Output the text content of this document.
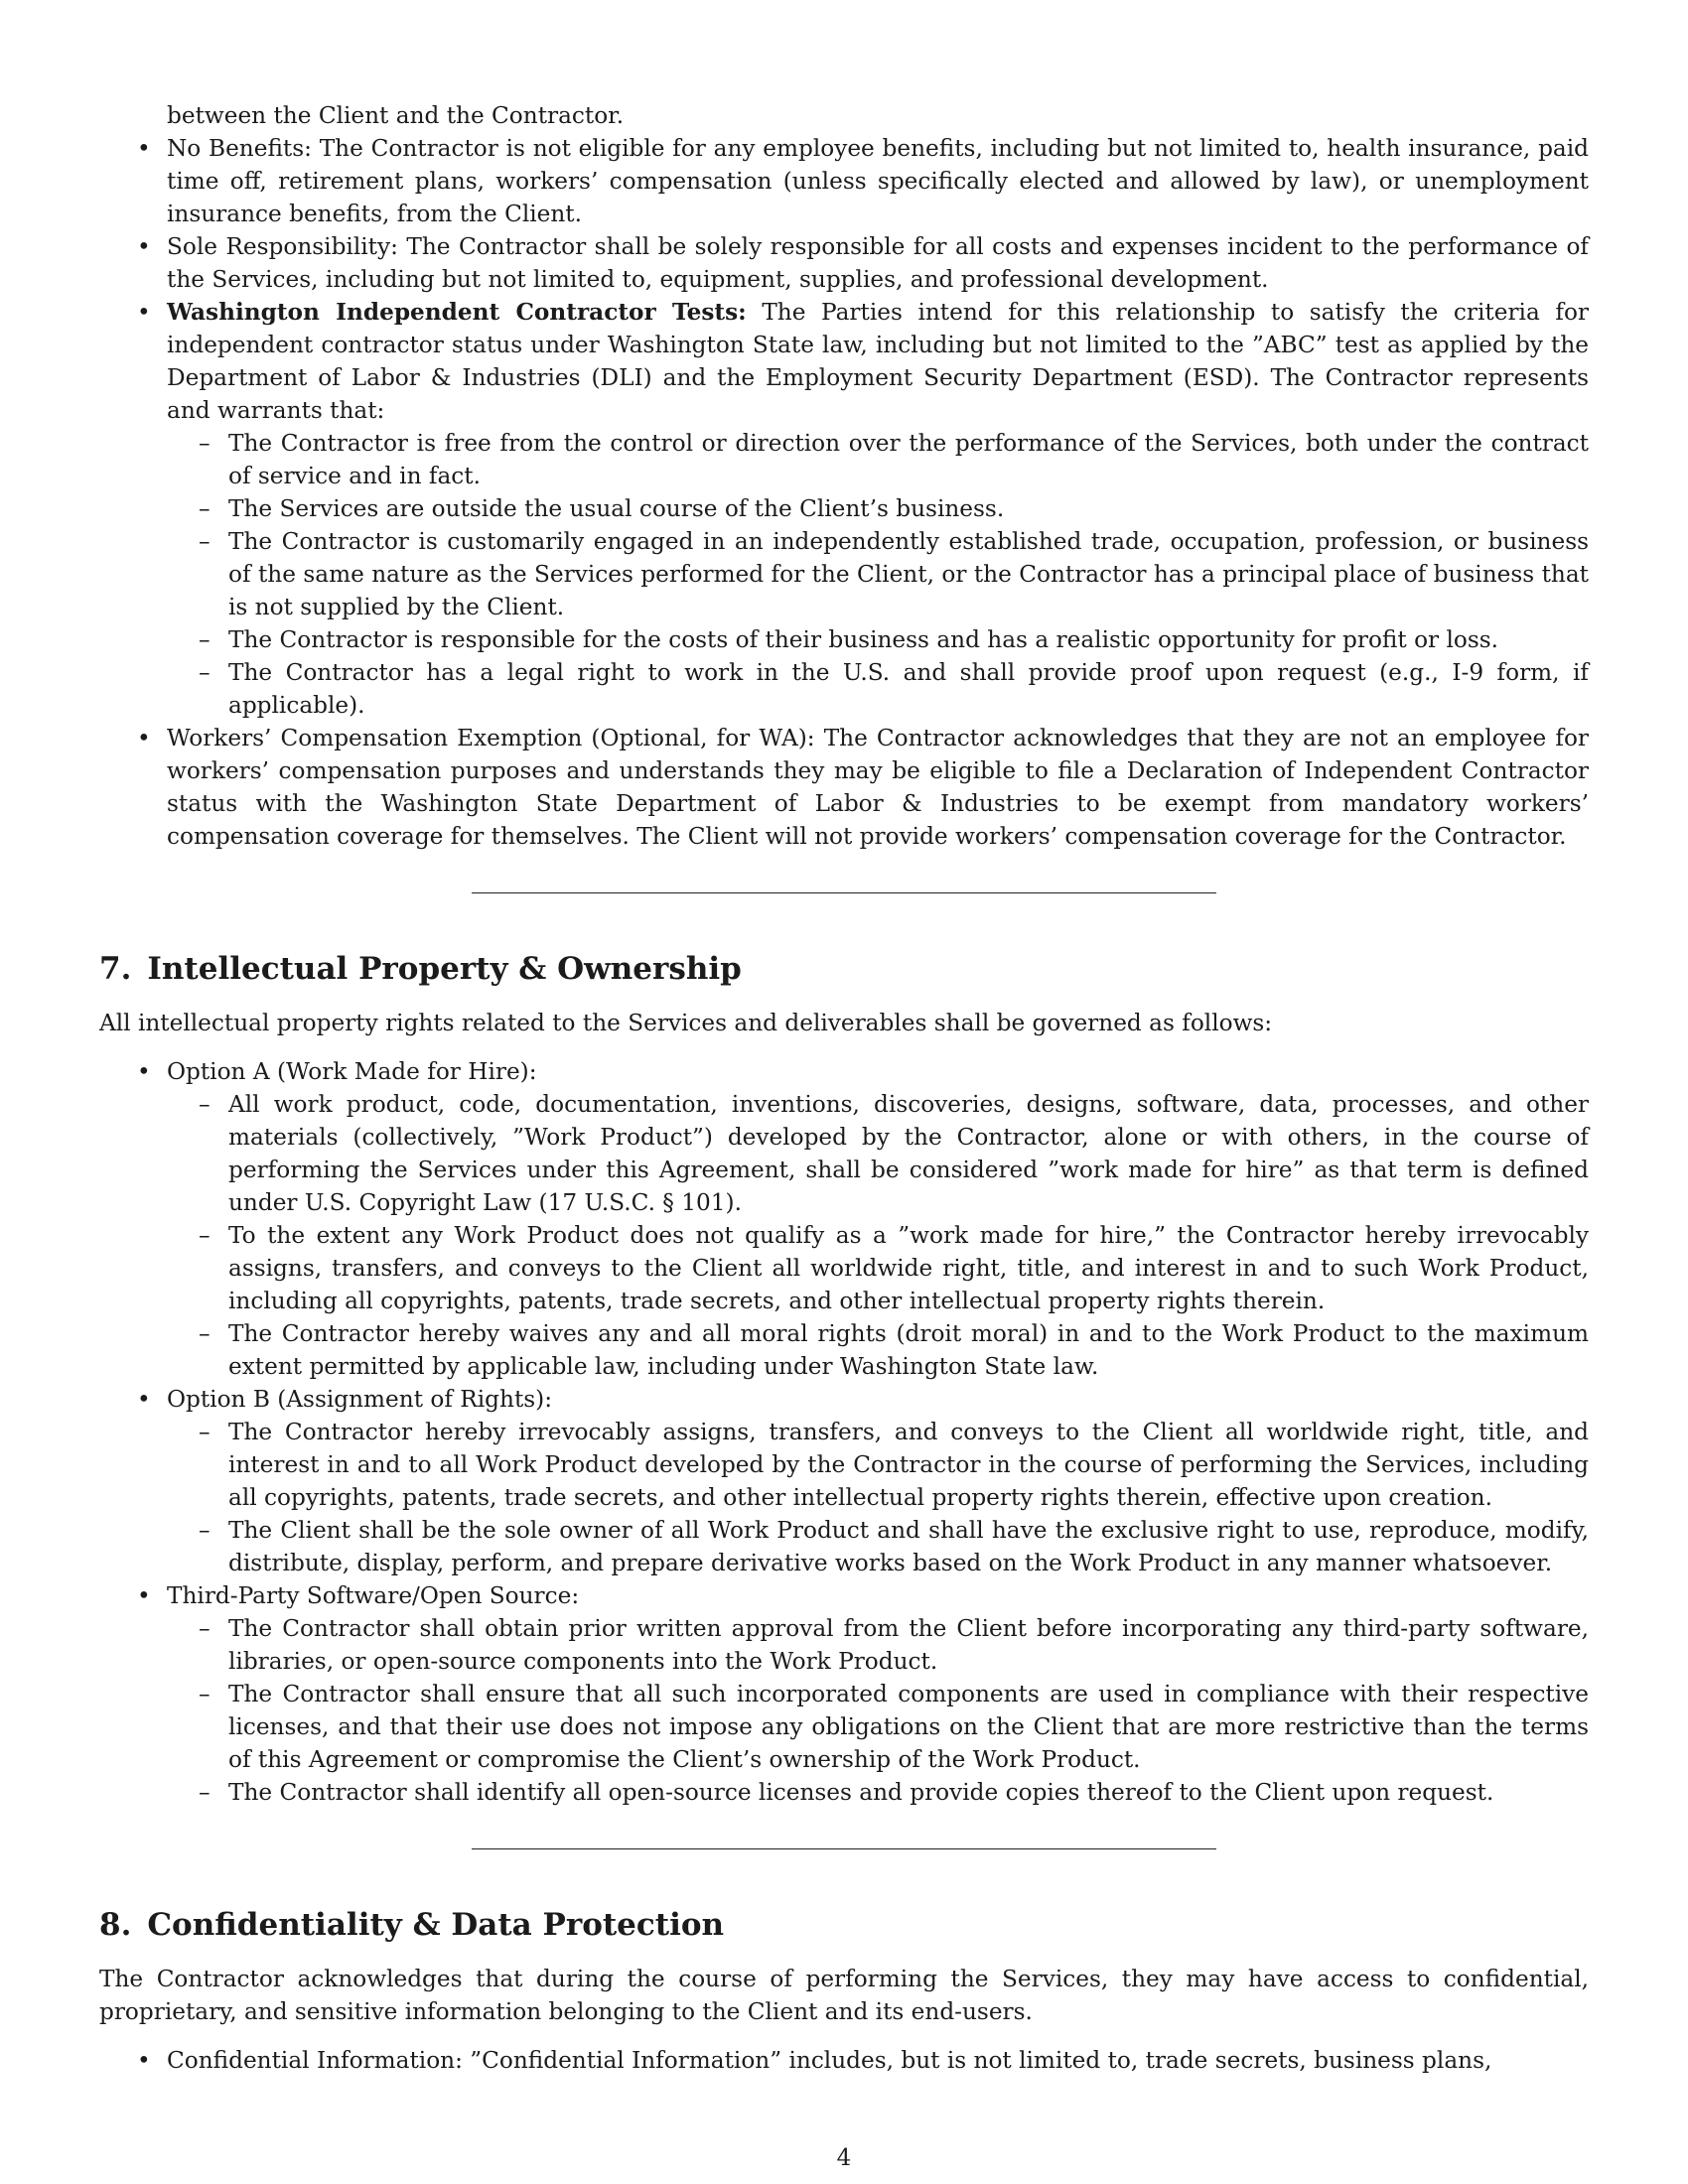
between the Client and the Contractor.
• No Benefits: The Contractor is not eligible for any employee benefits, including but not limited to, health insurance, paid time off, retirement plans, workers’ compensation (unless specifically elected and allowed by law), or unemployment insurance benefits, from the Client.
• Sole Responsibility: The Contractor shall be solely responsible for all costs and expenses incident to the performance of the Services, including but not limited to, equipment, supplies, and professional development.
• Washington Independent Contractor Tests: The Parties intend for this relationship to satisfy the criteria for independent contractor status under Washington State law, including but not limited to the ”ABC” test as applied by the Department of Labor & Industries (DLI) and the Employment Security Department (ESD). The Contractor represents and warrants that:
– The Contractor is free from the control or direction over the performance of the Services, both under the contract of service and in fact.
– The Services are outside the usual course of the Client’s business.
– The Contractor is customarily engaged in an independently established trade, occupation, profession, or business of the same nature as the Services performed for the Client, or the Contractor has a principal place of business that is not supplied by the Client.
– The Contractor is responsible for the costs of their business and has a realistic opportunity for profit or loss.
– The Contractor has a legal right to work in the U.S. and shall provide proof upon request (e.g., I-9 form, if applicable).
• Workers’ Compensation Exemption (Optional, for WA): The Contractor acknowledges that they are not an employee for workers’ compensation purposes and understands they may be eligible to file a Declaration of Independent Contractor status with the Washington State Department of Labor & Industries to be exempt from mandatory workers’ compensation coverage for themselves. The Client will not provide workers’ compensation coverage for the Contractor.
7. Intellectual Property & Ownership
All intellectual property rights related to the Services and deliverables shall be governed as follows:
• Option A (Work Made for Hire):
– All work product, code, documentation, inventions, discoveries, designs, software, data, processes, and other materials (collectively, ”Work Product”) developed by the Contractor, alone or with others, in the course of performing the Services under this Agreement, shall be considered ”work made for hire” as that term is defined under U.S. Copyright Law (17 U.S.C. § 101).
– To the extent any Work Product does not qualify as a ”work made for hire,” the Contractor hereby irrevocably assigns, transfers, and conveys to the Client all worldwide right, title, and interest in and to such Work Product, including all copyrights, patents, trade secrets, and other intellectual property rights therein.
– The Contractor hereby waives any and all moral rights (droit moral) in and to the Work Product to the maximum extent permitted by applicable law, including under Washington State law.
• Option B (Assignment of Rights):
– The Contractor hereby irrevocably assigns, transfers, and conveys to the Client all worldwide right, title, and interest in and to all Work Product developed by the Contractor in the course of performing the Services, including all copyrights, patents, trade secrets, and other intellectual property rights therein, effective upon creation.
– The Client shall be the sole owner of all Work Product and shall have the exclusive right to use, reproduce, modify, distribute, display, perform, and prepare derivative works based on the Work Product in any manner whatsoever.
• Third-Party Software/Open Source:
– The Contractor shall obtain prior written approval from the Client before incorporating any third-party software, libraries, or open-source components into the Work Product.
– The Contractor shall ensure that all such incorporated components are used in compliance with their respective licenses, and that their use does not impose any obligations on the Client that are more restrictive than the terms of this Agreement or compromise the Client’s ownership of the Work Product.
– The Contractor shall identify all open-source licenses and provide copies thereof to the Client upon request.
8. Confidentiality & Data Protection
The Contractor acknowledges that during the course of performing the Services, they may have access to confidential, proprietary, and sensitive information belonging to the Client and its end-users.
• Confidential Information: ”Confidential Information” includes, but is not limited to, trade secrets, business plans,
4
